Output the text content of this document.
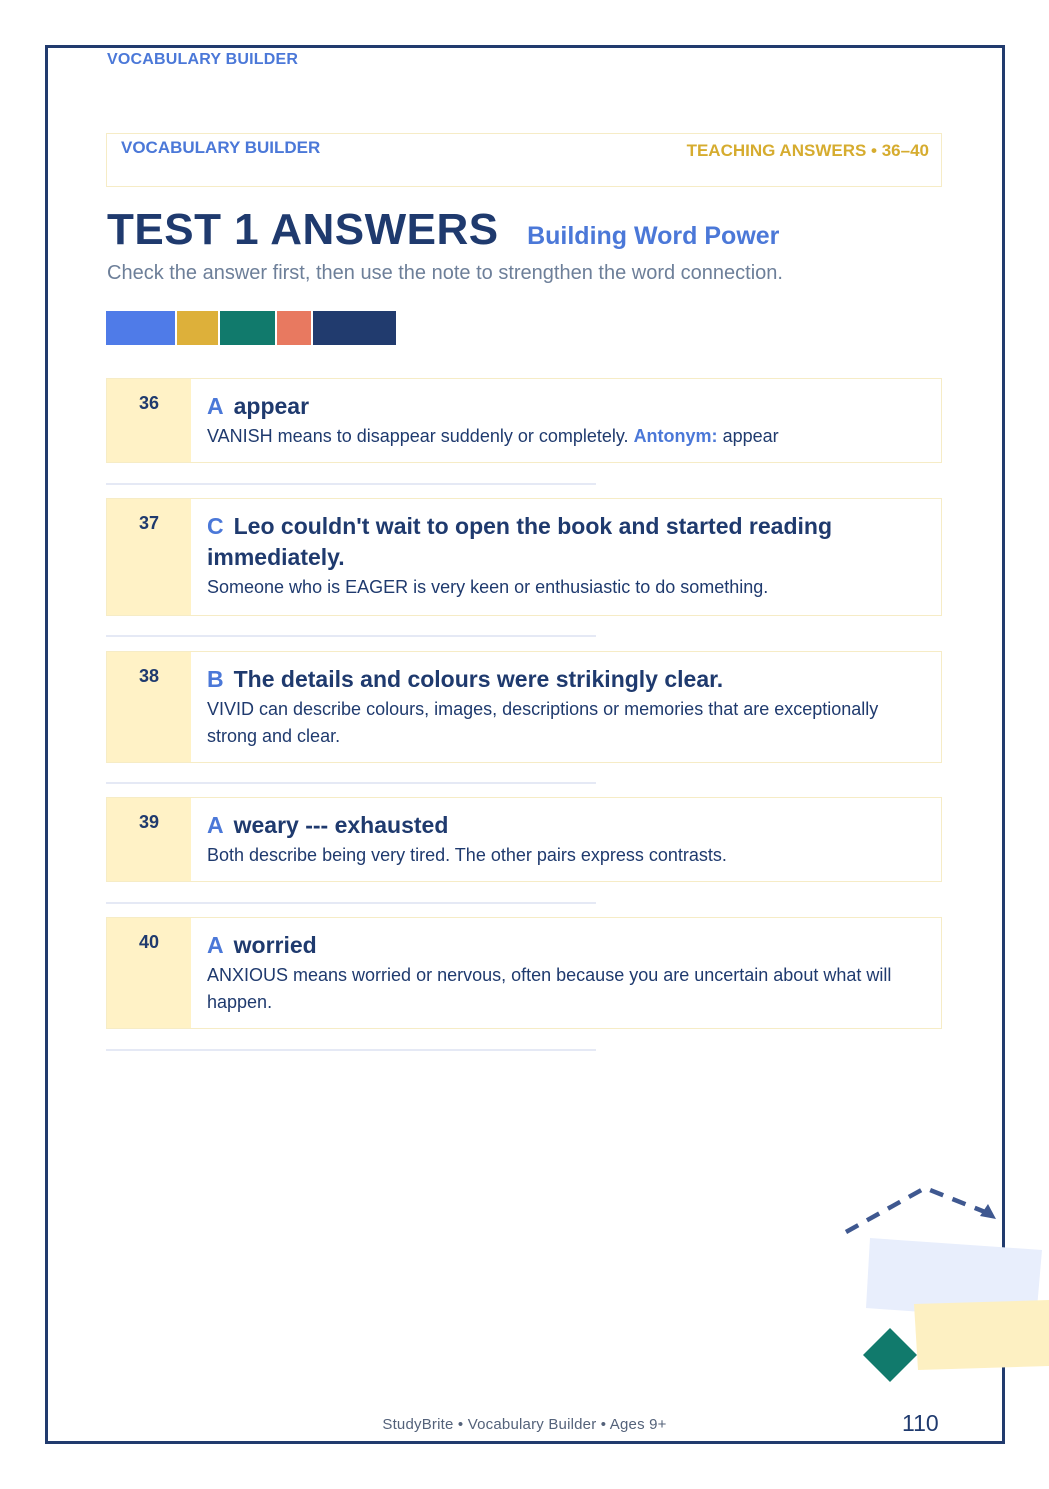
VOCABULARY BUILDER
VOCABULARY BUILDER	TEACHING ANSWERS • 36–40
TEST 1 ANSWERS Building Word Power
Check the answer first, then use the note to strengthen the word connection.
36	A appear
VANISH means to disappear suddenly or completely. Antonym: appear
37	C Leo couldn't wait to open the book and started reading immediately.
Someone who is EAGER is very keen or enthusiastic to do something.
38	B The details and colours were strikingly clear.
VIVID can describe colours, images, descriptions or memories that are exceptionally strong and clear.
39	A weary --- exhausted
Both describe being very tired. The other pairs express contrasts.
40	A worried
ANXIOUS means worried or nervous, often because you are uncertain about what will happen.
StudyBrite • Vocabulary Builder • Ages 9+	110
